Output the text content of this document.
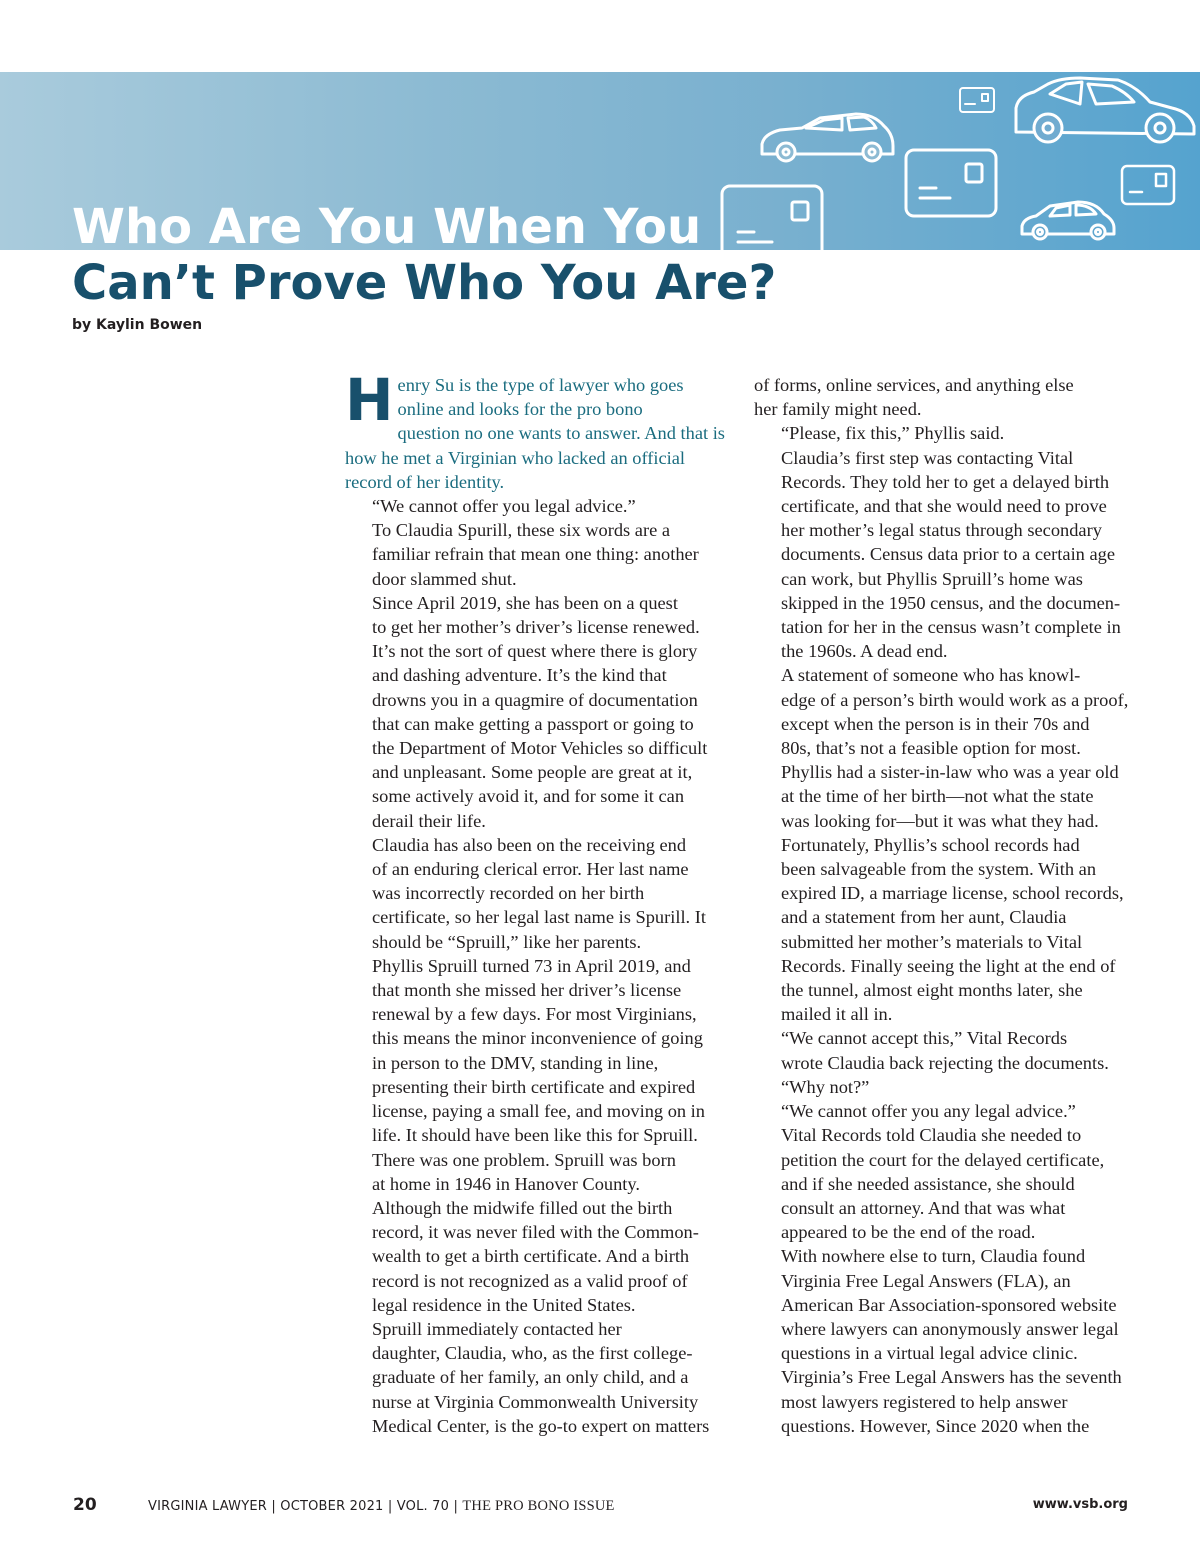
Who Are You When You
Can’t Prove Who You Are?
by Kaylin Bowen
H enry Su is the type of lawyer who goes
online and looks for the pro bono
question no one wants to answer. And that is
how he met a Virginian who lacked an official
record of her identity.

“We cannot offer you legal advice.”

To Claudia Spurill, these six words are a
familiar refrain that mean one thing: another
door slammed shut.

Since April 2019, she has been on a quest
to get her mother’s driver’s license renewed.
It’s not the sort of quest where there is glory
and dashing adventure. It’s the kind that
drowns you in a quagmire of documentation
that can make getting a passport or going to
the Department of Motor Vehicles so difficult
and unpleasant. Some people are great at it,
some actively avoid it, and for some it can
derail their life.

Claudia has also been on the receiving end
of an enduring clerical error. Her last name
was incorrectly recorded on her birth
certificate, so her legal last name is Spurill. It
should be “Spruill,” like her parents.

Phyllis Spruill turned 73 in April 2019, and
that month she missed her driver’s license
renewal by a few days. For most Virginians,
this means the minor inconvenience of going
in person to the DMV, standing in line,
presenting their birth certificate and expired
license, paying a small fee, and moving on in
life. It should have been like this for Spruill.

There was one problem. Spruill was born
at home in 1946 in Hanover County.
Although the midwife filled out the birth
record, it was never filed with the Common-
wealth to get a birth certificate. And a birth
record is not recognized as a valid proof of
legal residence in the United States.

Spruill immediately contacted her
daughter, Claudia, who, as the first college-
graduate of her family, an only child, and a
nurse at Virginia Commonwealth University
Medical Center, is the go-to expert on matters

of forms, online services, and anything else
her family might need.

“Please, fix this,” Phyllis said.

Claudia’s first step was contacting Vital
Records. They told her to get a delayed birth
certificate, and that she would need to prove
her mother’s legal status through secondary
documents. Census data prior to a certain age
can work, but Phyllis Spruill’s home was
skipped in the 1950 census, and the documen-
tation for her in the census wasn’t complete in
the 1960s. A dead end.

A statement of someone who has knowl-
edge of a person’s birth would work as a proof,
except when the person is in their 70s and
80s, that’s not a feasible option for most.
Phyllis had a sister-in-law who was a year old
at the time of her birth—not what the state
was looking for—but it was what they had.

Fortunately, Phyllis’s school records had
been salvageable from the system. With an
expired ID, a marriage license, school records,
and a statement from her aunt, Claudia
submitted her mother’s materials to Vital
Records. Finally seeing the light at the end of
the tunnel, almost eight months later, she
mailed it all in.

“We cannot accept this,” Vital Records
wrote Claudia back rejecting the documents.

“Why not?”

“We cannot offer you any legal advice.”
Vital Records told Claudia she needed to
petition the court for the delayed certificate,
and if she needed assistance, she should
consult an attorney. And that was what
appeared to be the end of the road.

With nowhere else to turn, Claudia found
Virginia Free Legal Answers (FLA), an
American Bar Association-sponsored website
where lawyers can anonymously answer legal
questions in a virtual legal advice clinic.
Virginia’s Free Legal Answers has the seventh
most lawyers registered to help answer
questions. However, Since 2020 when the

20	VIRGINIA LAWYER | OCTOBER 2021 | VOL. 70 | THE PRO BONO ISSUE	www.vsb.org
